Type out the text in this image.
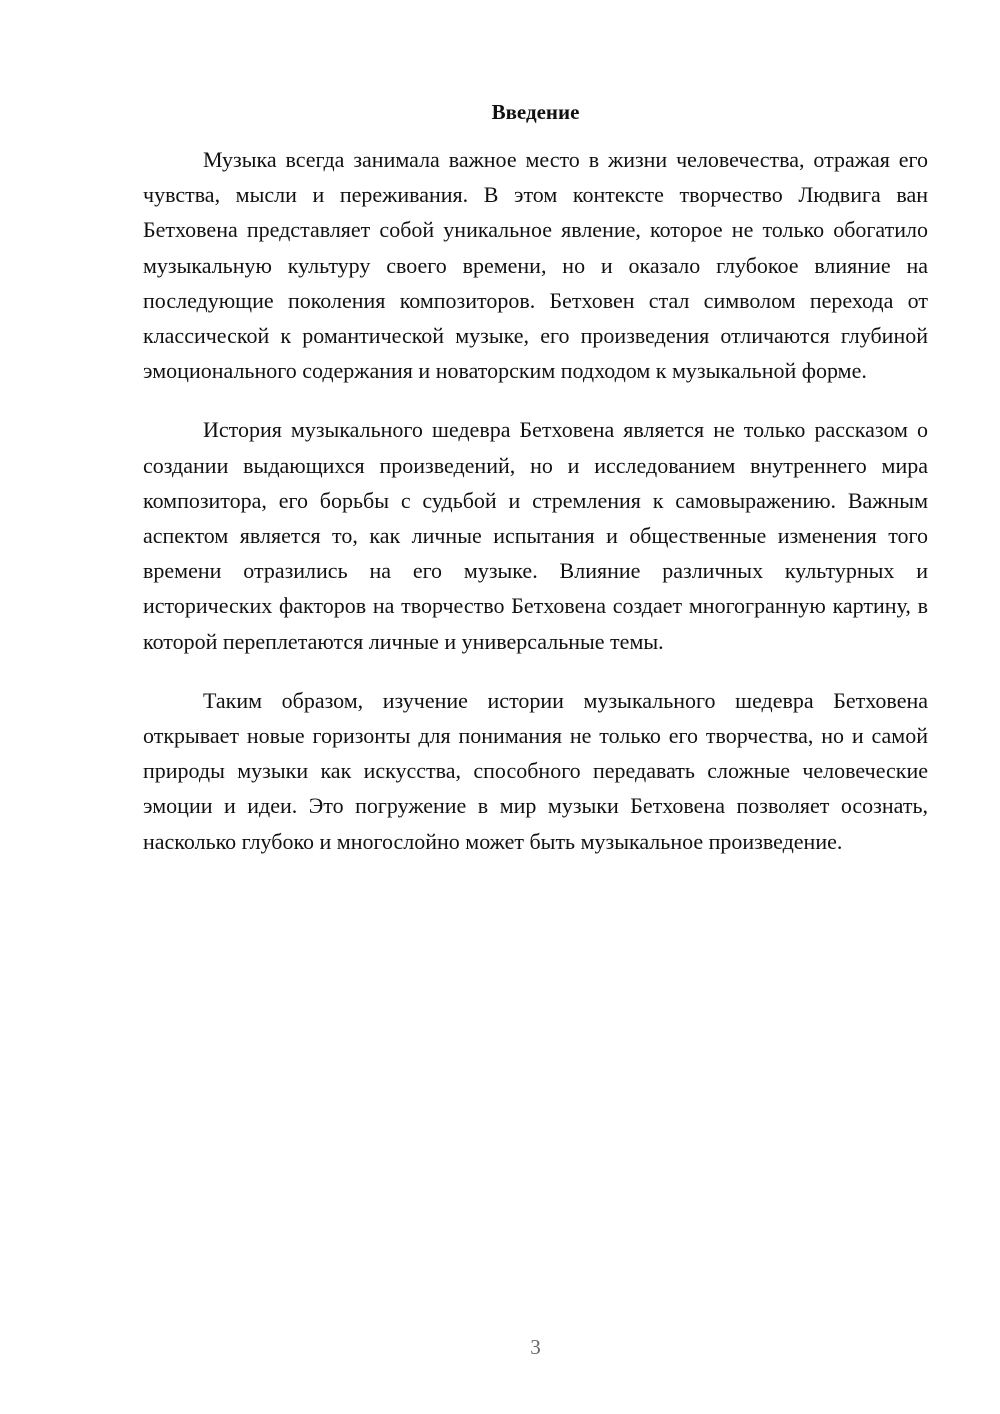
Введение

Музыка всегда занимала важное место в жизни человечества, отражая его чувства, мысли и переживания. В этом контексте творчество Людвига ван Бетховена представляет собой уникальное явление, которое не только обогатило музыкальную культуру своего времени, но и оказало глубокое влияние на последующие поколения композиторов. Бетховен стал символом перехода от классической к романтической музыке, его произведения отличаются глубиной эмоционального содержания и новаторским подходом к музыкальной форме.

История музыкального шедевра Бетховена является не только рассказом о создании выдающихся произведений, но и исследованием внутреннего мира композитора, его борьбы с судьбой и стремления к самовыражению. Важным аспектом является то, как личные испытания и общественные изменения того времени отразились на его музыке. Влияние различных культурных и исторических факторов на творчество Бетховена создает многогранную картину, в которой переплетаются личные и универсальные темы.

Таким образом, изучение истории музыкального шедевра Бетховена открывает новые горизонты для понимания не только его творчества, но и самой природы музыки как искусства, способного передавать сложные человеческие эмоции и идеи. Это погружение в мир музыки Бетховена позволяет осознать, насколько глубоко и многослойно может быть музыкальное произведение.

3
